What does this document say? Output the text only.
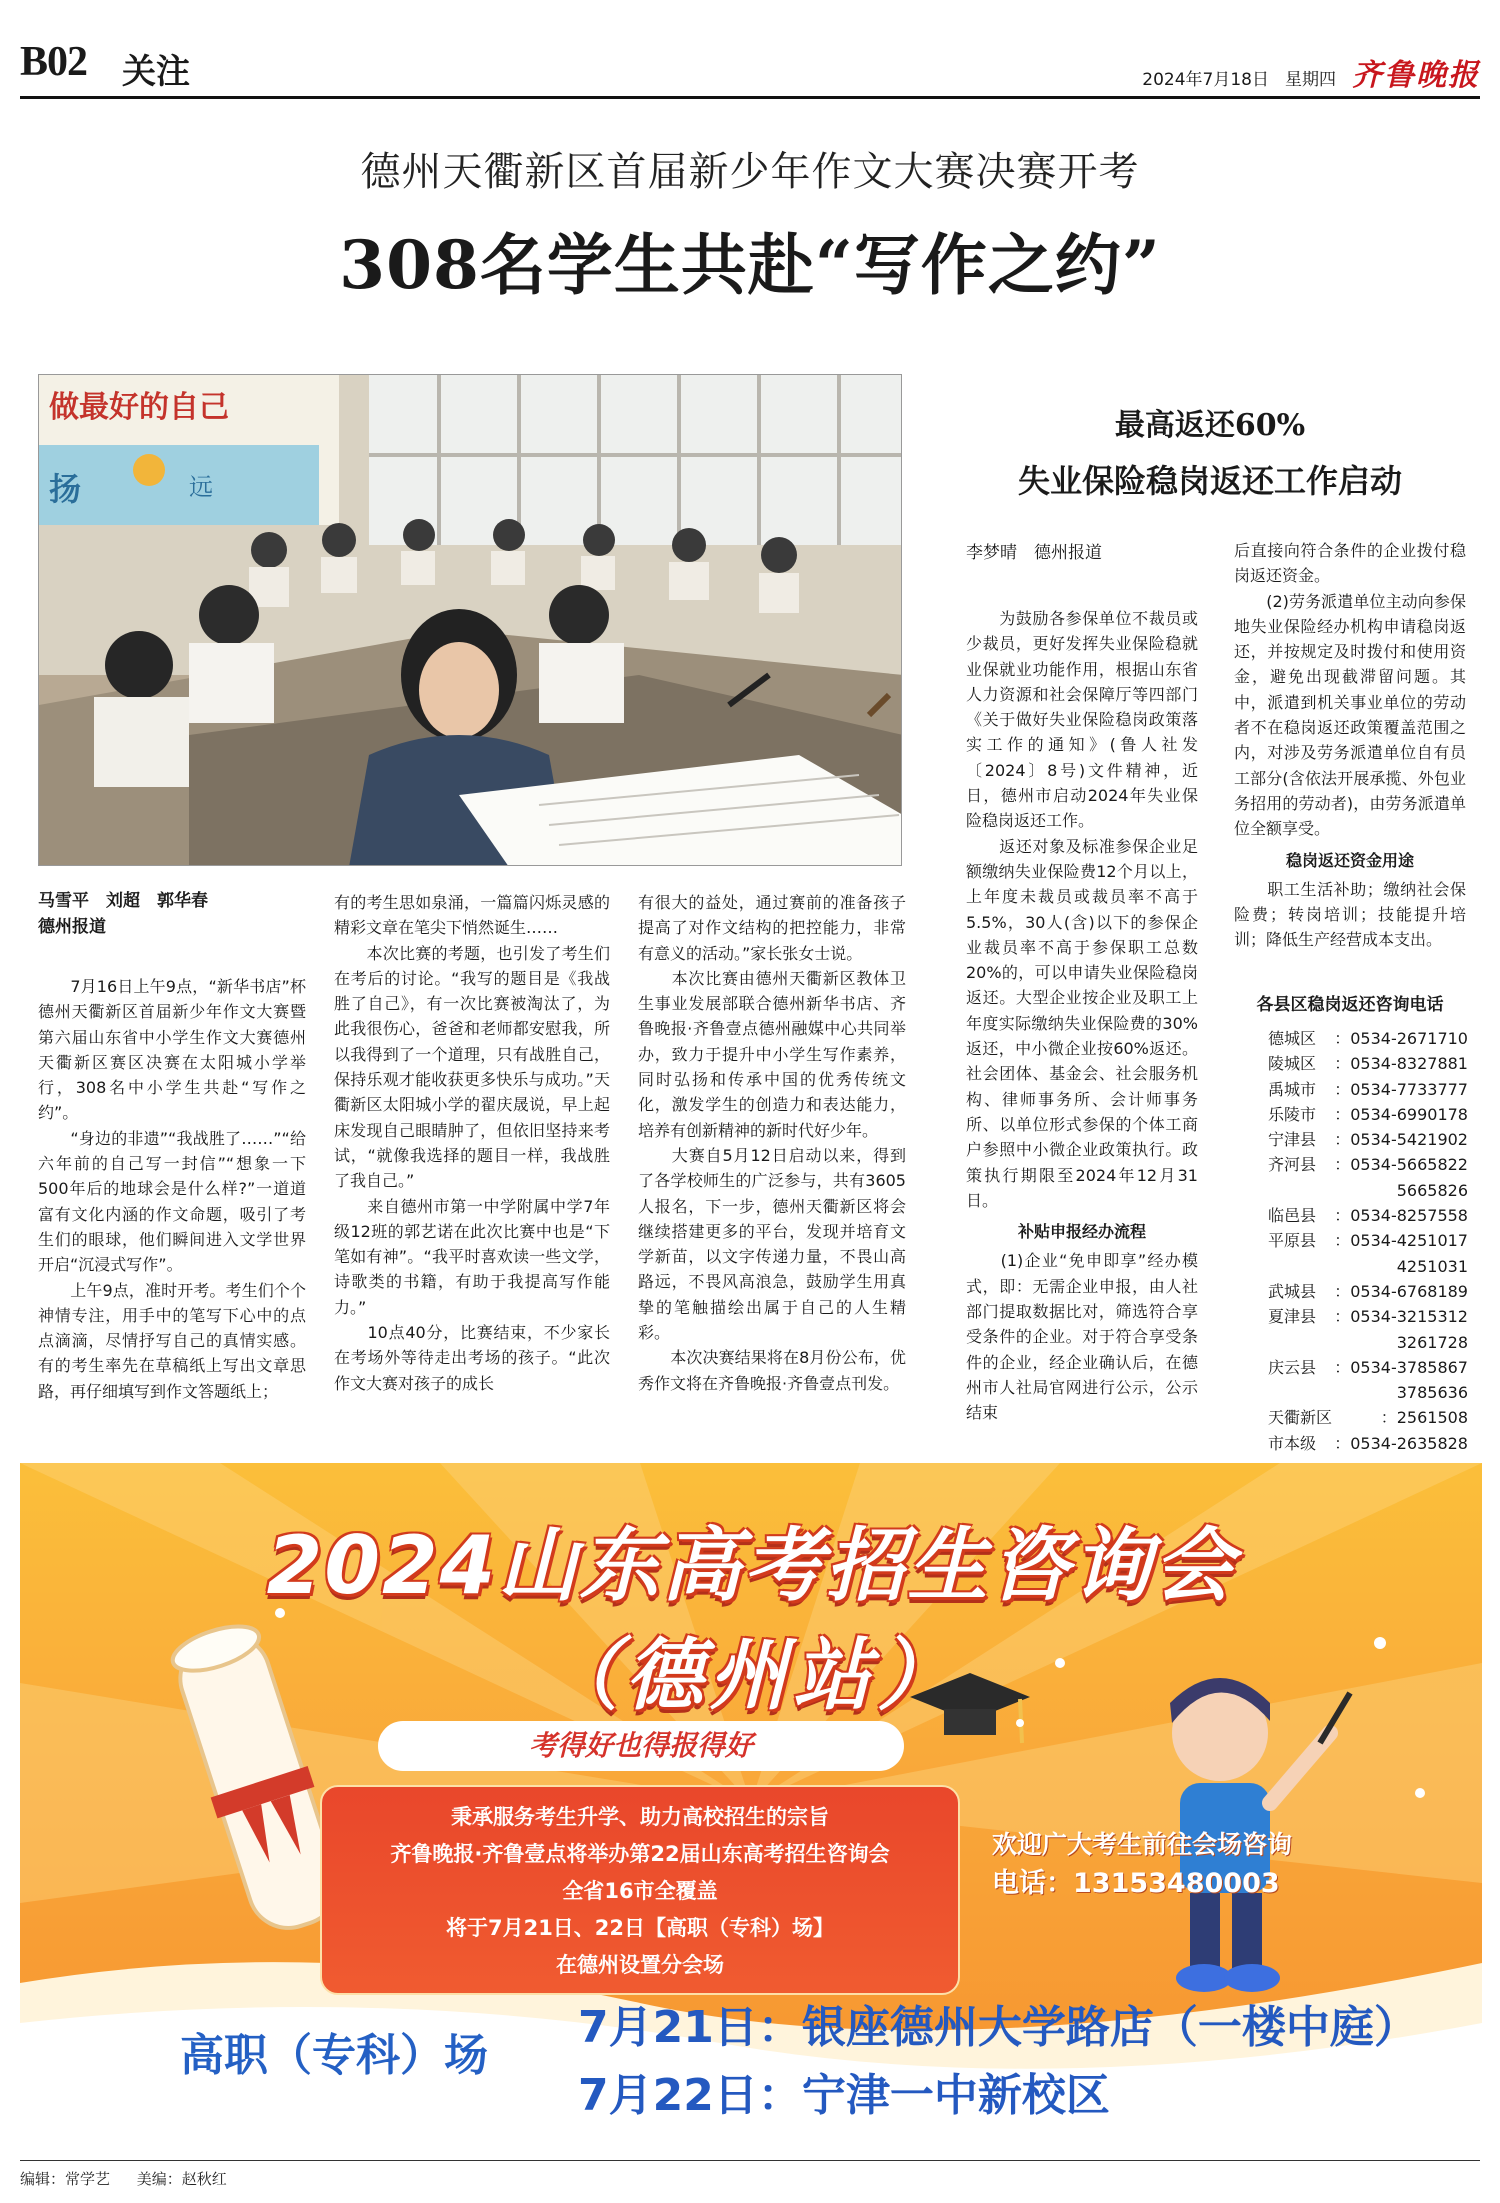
B02 关注	2024年7月18日 星期四 齐鲁晚报
德州天衢新区首届新少年作文大赛决赛开考
308名学生共赴“写作之约”
做最好的自己
扬	远
马雪平　刘超　郭华春
德州报道
　　7月16日上午9点，“新华书店”杯德州天衢新区首届新少年作文大赛暨第六届山东省中小学生作文大赛德州天衢新区赛区决赛在太阳城小学举行，308名中小学生共赴“写作之约”。
　　“身边的非遗”“我战胜了……”“给六年前的自己写一封信”“想象一下500年后的地球会是什么样?”一道道富有文化内涵的作文命题，吸引了考生们的眼球，他们瞬间进入文学世界开启“沉浸式写作”。
　　上午9点，准时开考。考生们个个神情专注，用手中的笔写下心中的点点滴滴，尽情抒写自己的真情实感。有的考生率先在草稿纸上写出文章思路，再仔细填写到作文答题纸上；
有的考生思如泉涌，一篇篇闪烁灵感的精彩文章在笔尖下悄然诞生……
　　本次比赛的考题，也引发了考生们在考后的讨论。“我写的题目是《我战胜了自己》，有一次比赛被淘汰了，为此我很伤心，爸爸和老师都安慰我，所以我得到了一个道理，只有战胜自己，保持乐观才能收获更多快乐与成功。”天衢新区太阳城小学的翟庆晟说，早上起床发现自己眼睛肿了，但依旧坚持来考试，“就像我选择的题目一样，我战胜了我自己。”
　　来自德州市第一中学附属中学7年级12班的郭艺诺在此次比赛中也是“下笔如有神”。“我平时喜欢读一些文学，诗歌类的书籍，有助于我提高写作能力。”
　　10点40分，比赛结束，不少家长在考场外等待走出考场的孩子。“此次作文大赛对孩子的成长
有很大的益处，通过赛前的准备孩子提高了对作文结构的把控能力，非常有意义的活动。”家长张女士说。
　　本次比赛由德州天衢新区教体卫生事业发展部联合德州新华书店、齐鲁晚报·齐鲁壹点德州融媒中心共同举办，致力于提升中小学生写作素养，同时弘扬和传承中国的优秀传统文化，激发学生的创造力和表达能力，培养有创新精神的新时代好少年。
　　大赛自5月12日启动以来，得到了各学校师生的广泛参与，共有3605人报名，下一步，德州天衢新区将会继续搭建更多的平台，发现并培育文学新苗，以文字传递力量，不畏山高路远，不畏风高浪急，鼓励学生用真挚的笔触描绘出属于自己的人生精彩。
　　本次决赛结果将在8月份公布，优秀作文将在齐鲁晚报·齐鲁壹点刊发。
最高返还60%
失业保险稳岗返还工作启动
李梦晴　德州报道
　　为鼓励各参保单位不裁员或少裁员，更好发挥失业保险稳就业保就业功能作用，根据山东省人力资源和社会保障厅等四部门《关于做好失业保险稳岗政策落实工作的通知》(鲁人社发〔2024〕8号)文件精神，近日，德州市启动2024年失业保险稳岗返还工作。
　　返还对象及标准参保企业足额缴纳失业保险费12个月以上，上年度未裁员或裁员率不高于5.5%，30人(含)以下的参保企业裁员率不高于参保职工总数20%的，可以申请失业保险稳岗返还。大型企业按企业及职工上年度实际缴纳失业保险费的30%返还，中小微企业按60%返还。社会团体、基金会、社会服务机构、律师事务所、会计师事务所、以单位形式参保的个体工商户参照中小微企业政策执行。政策执行期限至2024年12月31日。

补贴申报经办流程
　　(1)企业“免申即享”经办模式，即：无需企业申报，由人社部门提取数据比对，筛选符合享受条件的企业。对于符合享受条件的企业，经企业确认后，在德州市人社局官网进行公示，公示结束
后直接向符合条件的企业拨付稳岗返还资金。
　　(2)劳务派遣单位主动向参保地失业保险经办机构申请稳岗返还，并按规定及时拨付和使用资金，避免出现截滞留问题。其中，派遣到机关事业单位的劳动者不在稳岗返还政策覆盖范围之内，对涉及劳务派遣单位自有员工部分(含依法开展承揽、外包业务招用的劳动者)，由劳务派遣单位全额享受。

稳岗返还资金用途
　　职工生活补助；缴纳社会保险费；转岗培训；技能提升培训；降低生产经营成本支出。
各县区稳岗返还咨询电话
德城区	：0534-2671710
陵城区	：0534-8327881
禹城市	：0534-7733777
乐陵市	：0534-6990178
宁津县	：0534-5421902
齐河县	：0534-5665822
5665826
临邑县	：0534-8257558
平原县	：0534-4251017
4251031
武城县	：0534-6768189
夏津县	：0534-3215312
3261728
庆云县	：0534-3785867
3785636
天衢新区	：2561508
市本级	：0534-2635828
2024山东高考招生咨询会
（德州站）
考得好也得报得好
秉承服务考生升学、助力高校招生的宗旨
齐鲁晚报·齐鲁壹点将举办第22届山东高考招生咨询会
全省16市全覆盖
将于7月21日、22日【高职（专科）场】
在德州设置分会场
欢迎广大考生前往会场咨询
电话：13153480003
高职（专科）场
7月21日：银座德州大学路店（一楼中庭）
7月22日：宁津一中新校区
编辑：常学艺 美编：赵秋红
